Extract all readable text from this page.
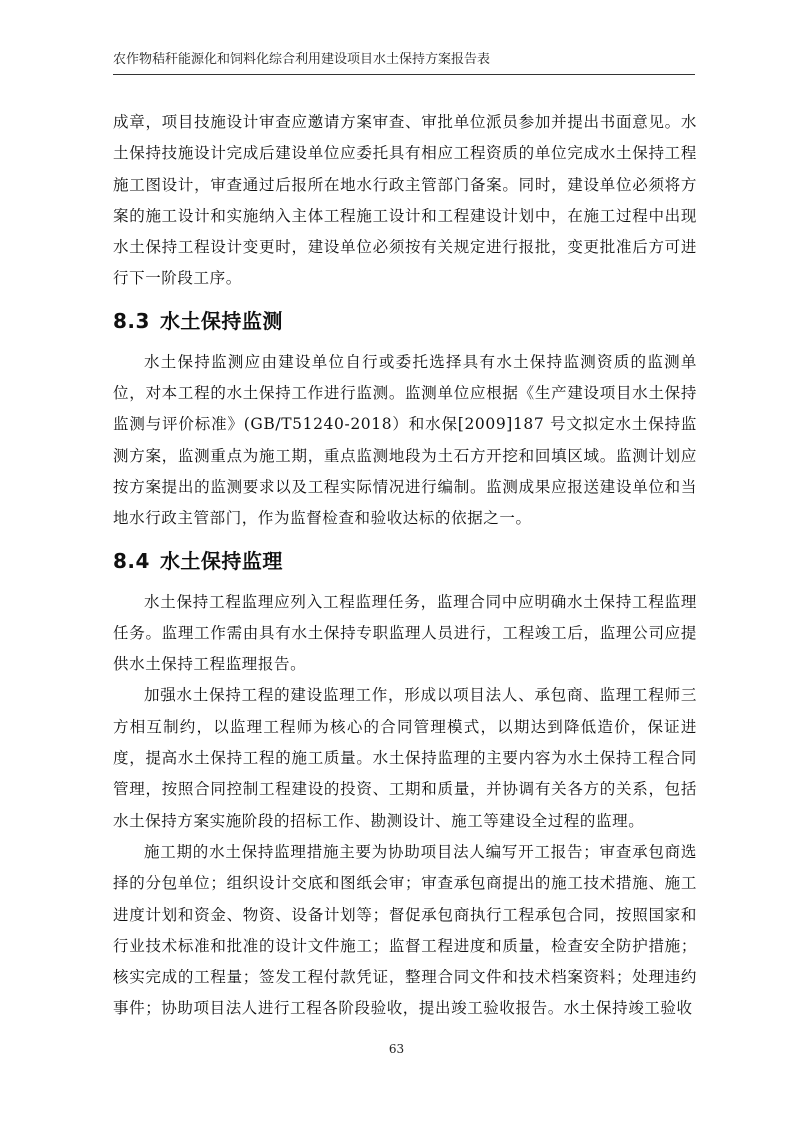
农作物秸秆能源化和饲料化综合利用建设项目水土保持方案报告表

成章，项目技施设计审查应邀请方案审查、审批单位派员参加并提出书面意见。水土保持技施设计完成后建设单位应委托具有相应工程资质的单位完成水土保持工程施工图设计，审查通过后报所在地水行政主管部门备案。同时，建设单位必须将方案的施工设计和实施纳入主体工程施工设计和工程建设计划中，在施工过程中出现水土保持工程设计变更时，建设单位必须按有关规定进行报批，变更批准后方可进行下一阶段工序。

8.3 水土保持监测

水土保持监测应由建设单位自行或委托选择具有水土保持监测资质的监测单位，对本工程的水土保持工作进行监测。监测单位应根据《生产建设项目水土保持监测与评价标准》(GB/T51240-2018）和水保[2009]187 号文拟定水土保持监测方案，监测重点为施工期，重点监测地段为土石方开挖和回填区域。监测计划应按方案提出的监测要求以及工程实际情况进行编制。监测成果应报送建设单位和当地水行政主管部门，作为监督检查和验收达标的依据之一。

8.4 水土保持监理

水土保持工程监理应列入工程监理任务，监理合同中应明确水土保持工程监理任务。监理工作需由具有水土保持专职监理人员进行，工程竣工后，监理公司应提供水土保持工程监理报告。

加强水土保持工程的建设监理工作，形成以项目法人、承包商、监理工程师三方相互制约，以监理工程师为核心的合同管理模式，以期达到降低造价，保证进度，提高水土保持工程的施工质量。水土保持监理的主要内容为水土保持工程合同管理，按照合同控制工程建设的投资、工期和质量，并协调有关各方的关系，包括水土保持方案实施阶段的招标工作、勘测设计、施工等建设全过程的监理。

施工期的水土保持监理措施主要为协助项目法人编写开工报告；审查承包商选择的分包单位；组织设计交底和图纸会审；审查承包商提出的施工技术措施、施工进度计划和资金、物资、设备计划等；督促承包商执行工程承包合同，按照国家和行业技术标准和批准的设计文件施工；监督工程进度和质量，检查安全防护措施；核实完成的工程量；签发工程付款凭证，整理合同文件和技术档案资料；处理违约事件；协助项目法人进行工程各阶段验收，提出竣工验收报告。水土保持竣工验收

63
